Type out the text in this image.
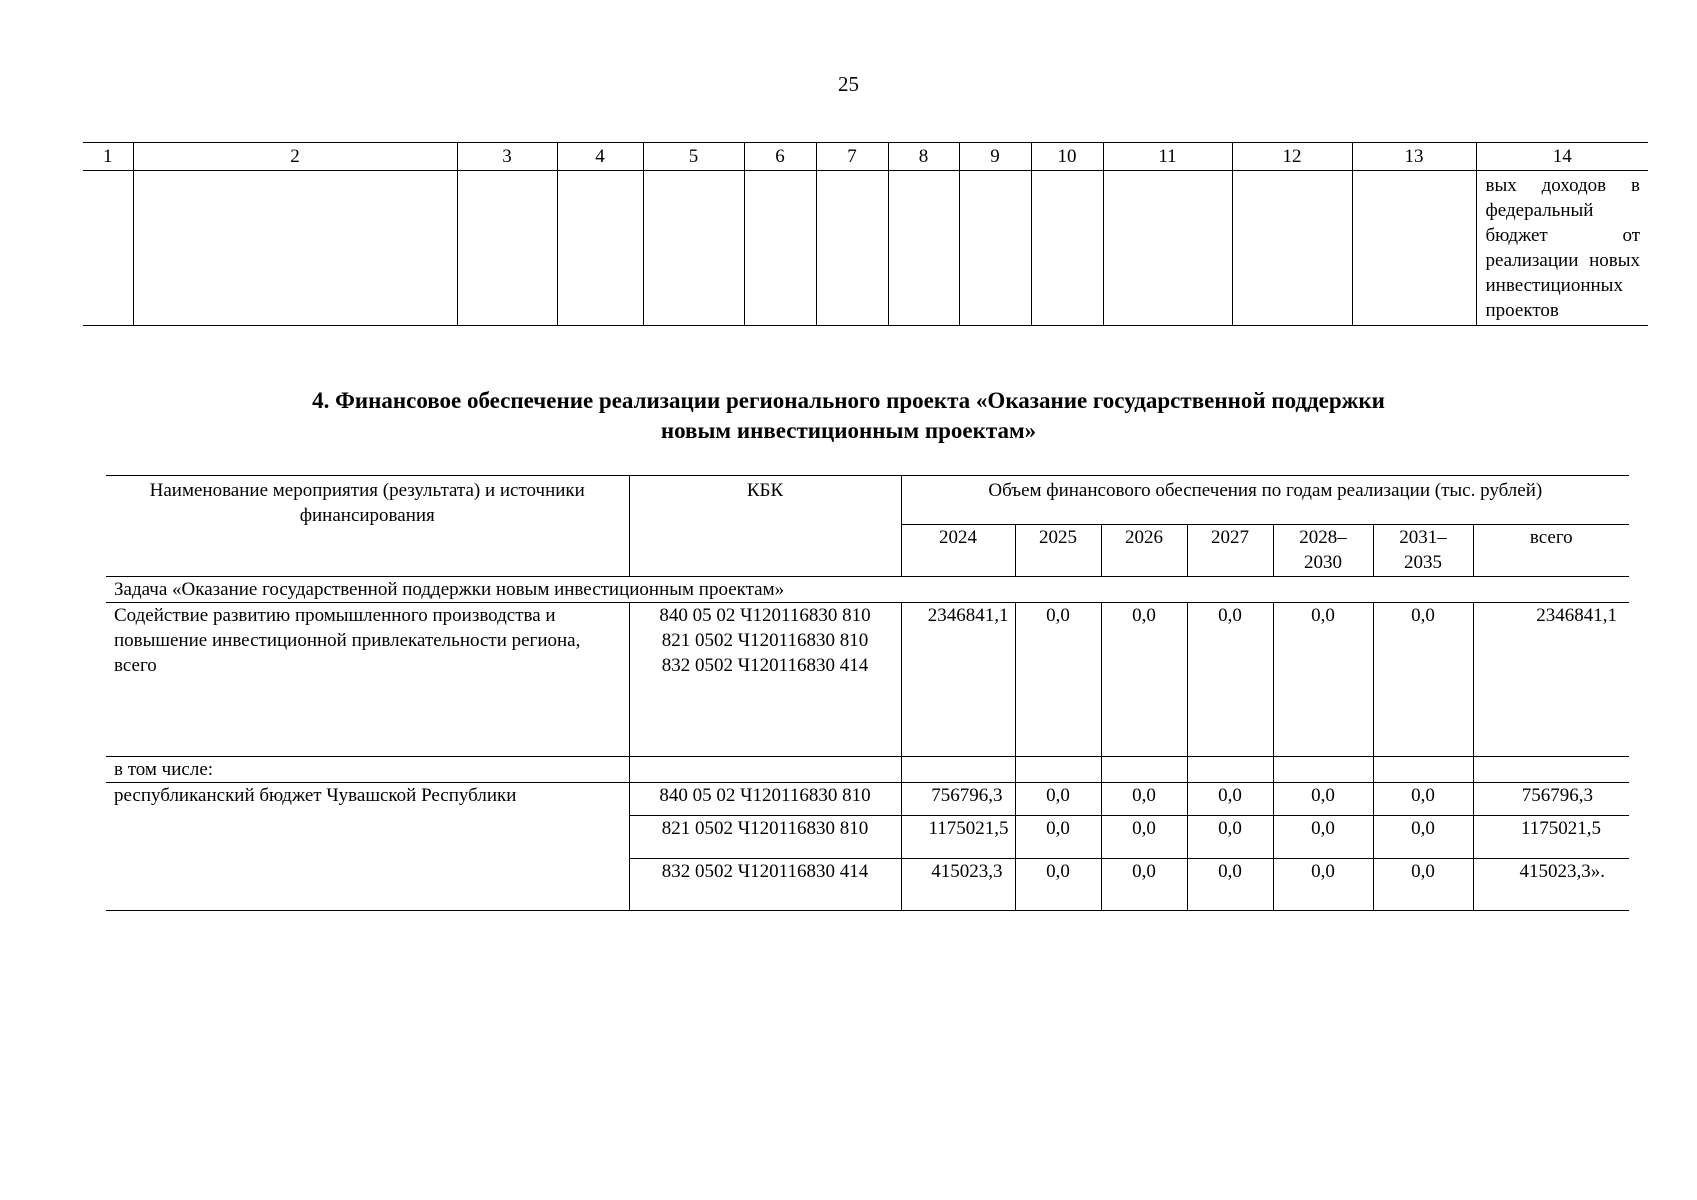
25
1	2	3	4	5	6	7	8	9	10	11	12	13	14

													вых доходов в федеральный бюджет от реализации новых инвестиционных проектов
4. Финансовое обеспечение реализации регионального проекта «Оказание государственной поддержки
новым инвестиционным проектам»
Наименование мероприятия (результата) и источники финансирования	КБК	Объем финансового обеспечения по годам реализации (тыс. рублей)						
		2024	2025	2026	2027	2028–2030	2031–2035	всего
Задача «Оказание государственной поддержки новым инвестиционным проектам»								
Содействие развитию промышленного производства и повышение инвестиционной привлекательности региона, всего	840 05 02 Ч120116830 810
821 0502 Ч120116830 810
832 0502 Ч120116830 414	2346841,1	0,0	0,0	0,0	0,0	0,0	2346841,1
в том числе:								
республиканский бюджет Чувашской Республики	840 05 02 Ч120116830 810	756796,3	0,0	0,0	0,0	0,0	0,0	756796,3
	821 0502 Ч120116830 810	1175021,5	0,0	0,0	0,0	0,0	0,0	1175021,5
	832 0502 Ч120116830 414	415023,3	0,0	0,0	0,0	0,0	0,0	415023,3».
